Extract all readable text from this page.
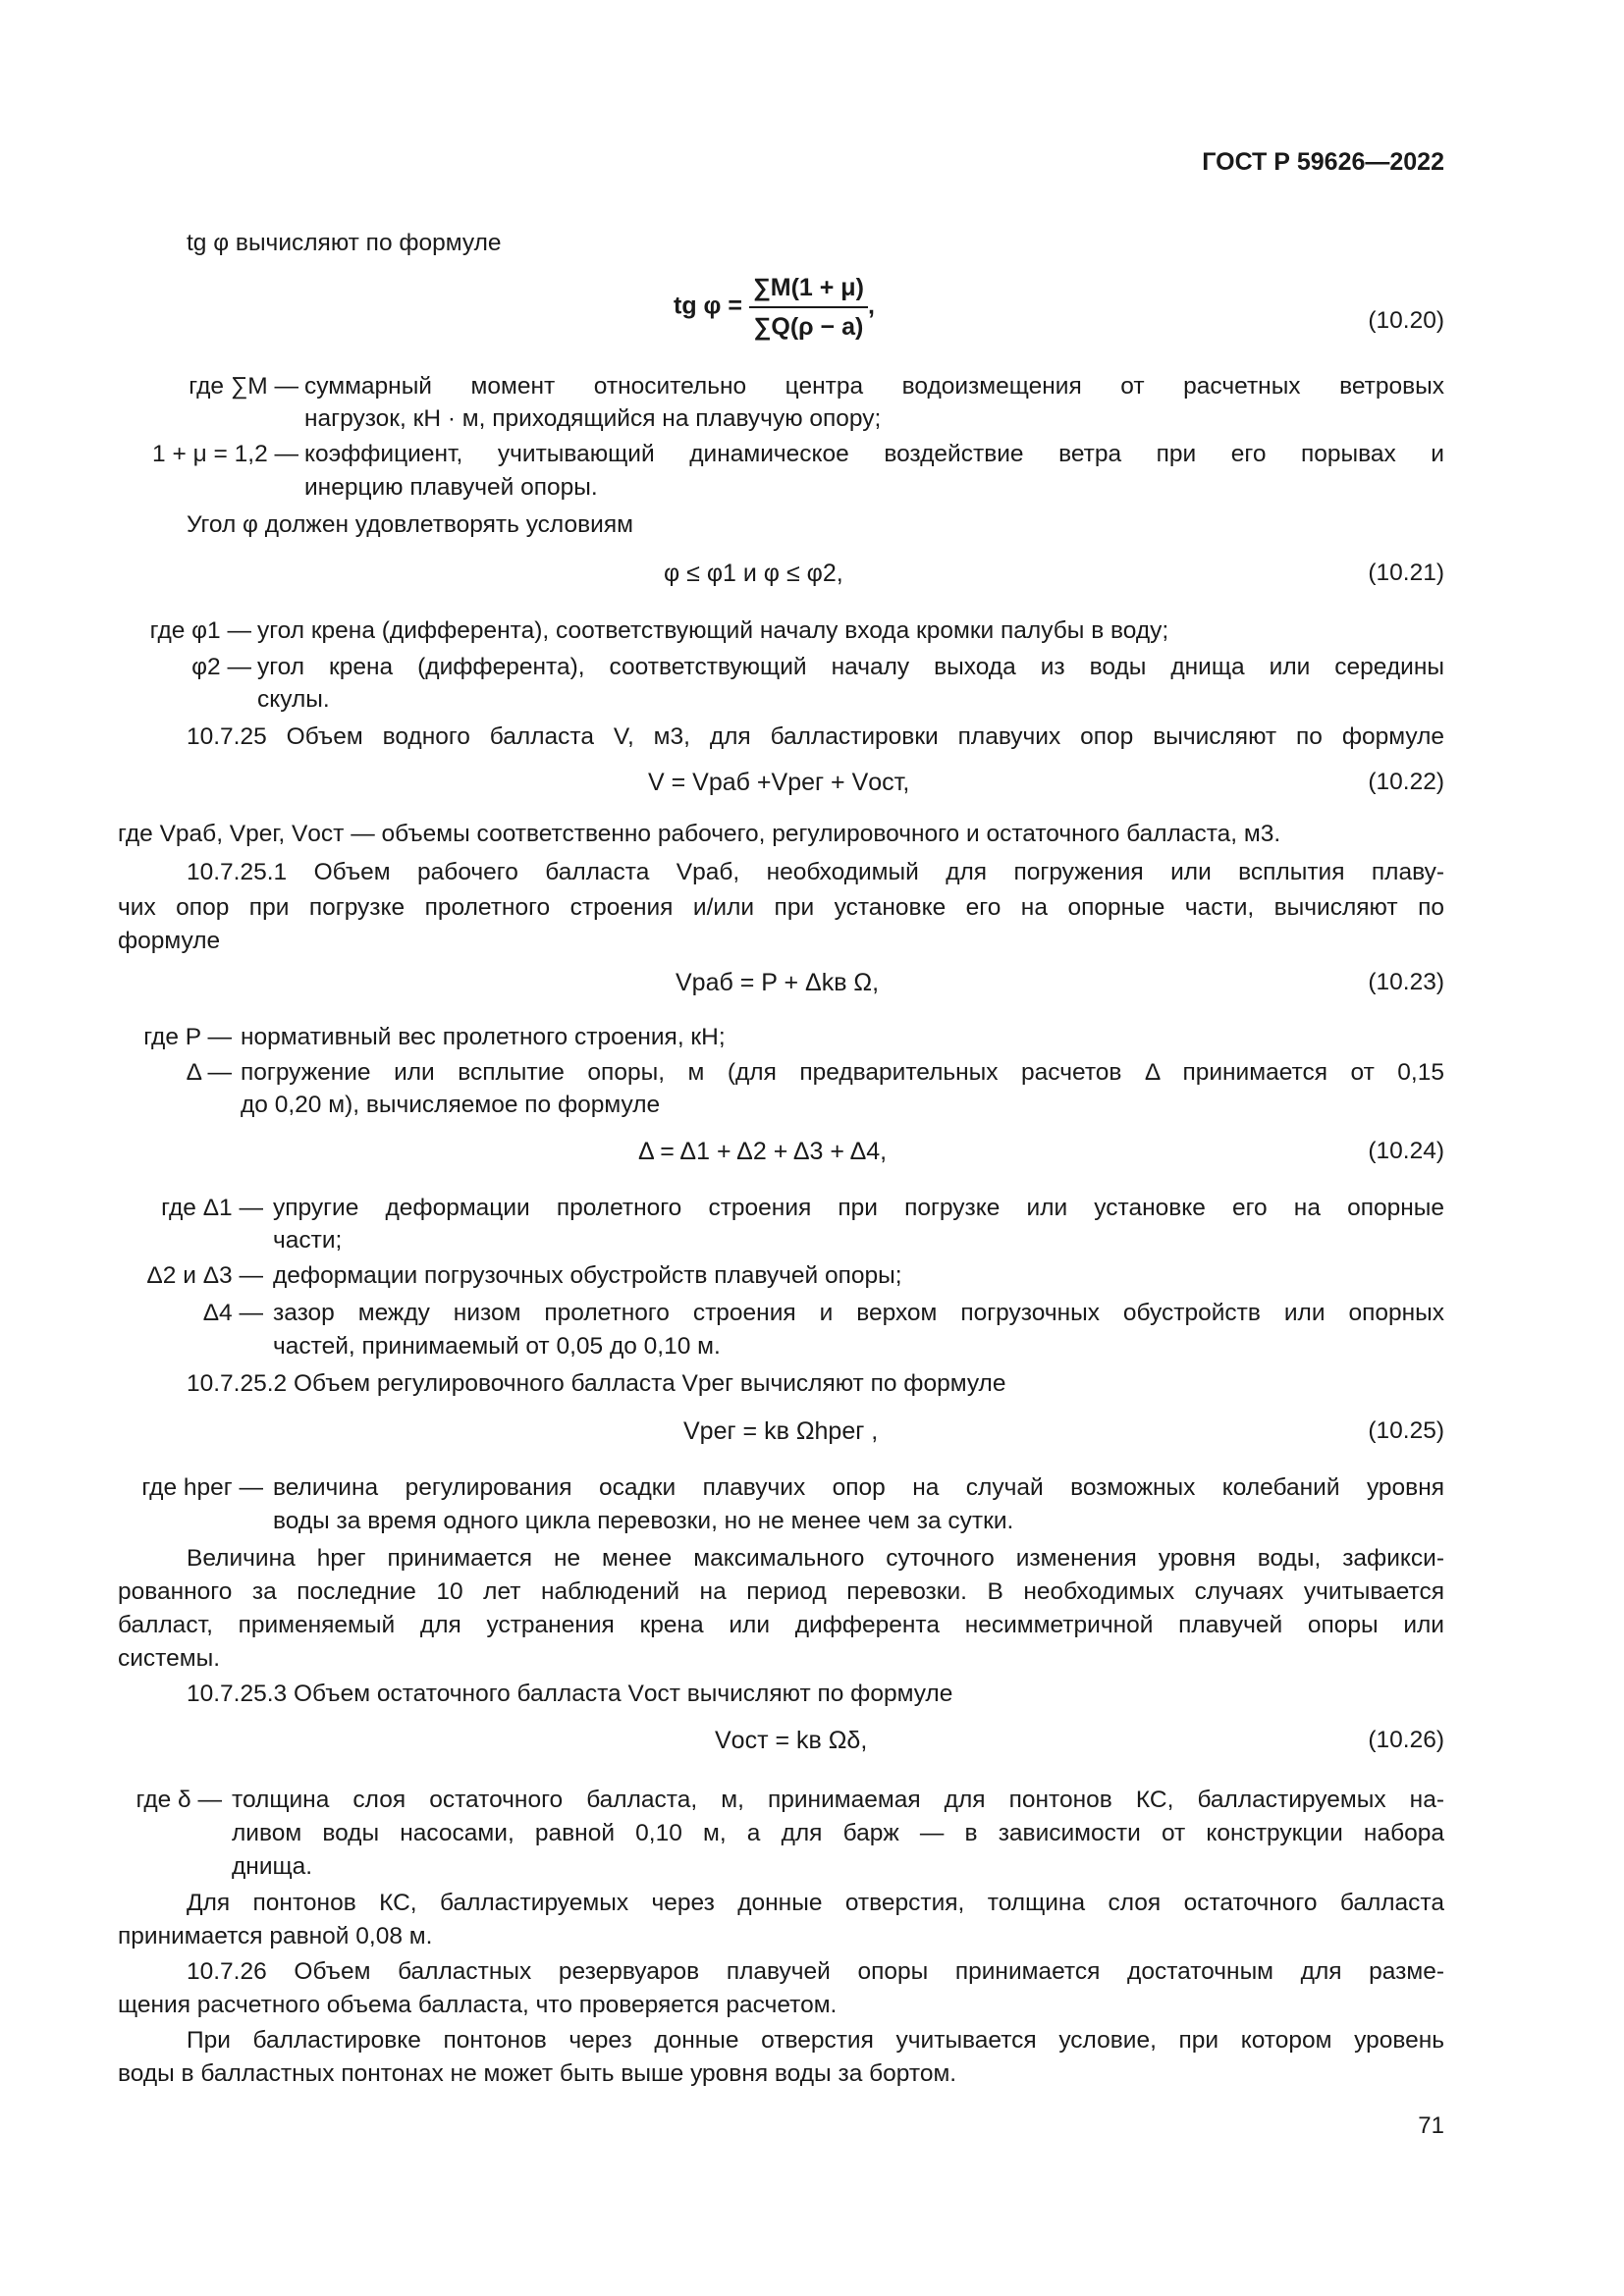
ГОСТ Р 59626—2022
tg φ вычисляют по формуле
tg $\varphi = \frac{\sum M(1 + \mu)}{\sum Q(\rho - a)}$ ,
(10.20)
где ∑M — суммарный момент относительно центра водоизмещения от расчетных ветровых
нагрузок, кН · м, приходящийся на плавучую опору;
1 + μ = 1,2 — коэффициент, учитывающий динамическое воздействие ветра при его порывах и
инерцию плавучей опоры.
Угол φ должен удовлетворять условиям
φ ≤ φ1 и φ ≤ φ2,	(10.21)
где φ1 — угол крена (дифферента), соответствующий началу входа кромки палубы в воду;
φ2 — угол крена (дифферента), соответствующий началу выхода из воды днища или середины
скулы.
10.7.25 Объем водного балласта V, м3, для балластировки плавучих опор вычисляют по формуле
V = Vраб +Vрег + Vост,	(10.22)
где Vраб, Vрег, Vост — объемы соответственно рабочего, регулировочного и остаточного балласта, м3.
10.7.25.1 Объем рабочего балласта Vраб, необходимый для погружения или всплытия плаву-
чих опор при погрузке пролетного строения и/или при установке его на опорные части, вычисляют по
формуле
Vраб = P + Δkв Ω,	(10.23)
где P — нормативный вес пролетного строения, кН;
Δ — погружение или всплытие опоры, м (для предварительных расчетов Δ принимается от 0,15
до 0,20 м), вычисляемое по формуле
Δ = Δ1 + Δ2 + Δ3 + Δ4,	(10.24)
где Δ1 — упругие деформации пролетного строения при погрузке или установке его на опорные
части;
Δ2 и Δ3 — деформации погрузочных обустройств плавучей опоры;
Δ4 — зазор между низом пролетного строения и верхом погрузочных обустройств или опорных
частей, принимаемый от 0,05 до 0,10 м.
10.7.25.2 Объем регулировочного балласта Vрег вычисляют по формуле
Vрег = kв Ωhрег ,	(10.25)
где hрег — величина регулирования осадки плавучих опор на случай возможных колебаний уровня
воды за время одного цикла перевозки, но не менее чем за сутки.
Величина hрег принимается не менее максимального суточного изменения уровня воды, зафикси-
рованного за последние 10 лет наблюдений на период перевозки. В необходимых случаях учитывается
балласт, применяемый для устранения крена или дифферента несимметричной плавучей опоры или
системы.
10.7.25.3 Объем остаточного балласта Vост вычисляют по формуле
Vост = kв Ωδ,	(10.26)
где δ — толщина слоя остаточного балласта, м, принимаемая для понтонов КС, балластируемых на-
ливом воды насосами, равной 0,10 м, а для барж — в зависимости от конструкции набора
днища.
Для понтонов КС, балластируемых через донные отверстия, толщина слоя остаточного балласта
принимается равной 0,08 м.
10.7.26 Объем балластных резервуаров плавучей опоры принимается достаточным для разме-
щения расчетного объема балласта, что проверяется расчетом.
При балластировке понтонов через донные отверстия учитывается условие, при котором уровень
воды в балластных понтонах не может быть выше уровня воды за бортом.
71
